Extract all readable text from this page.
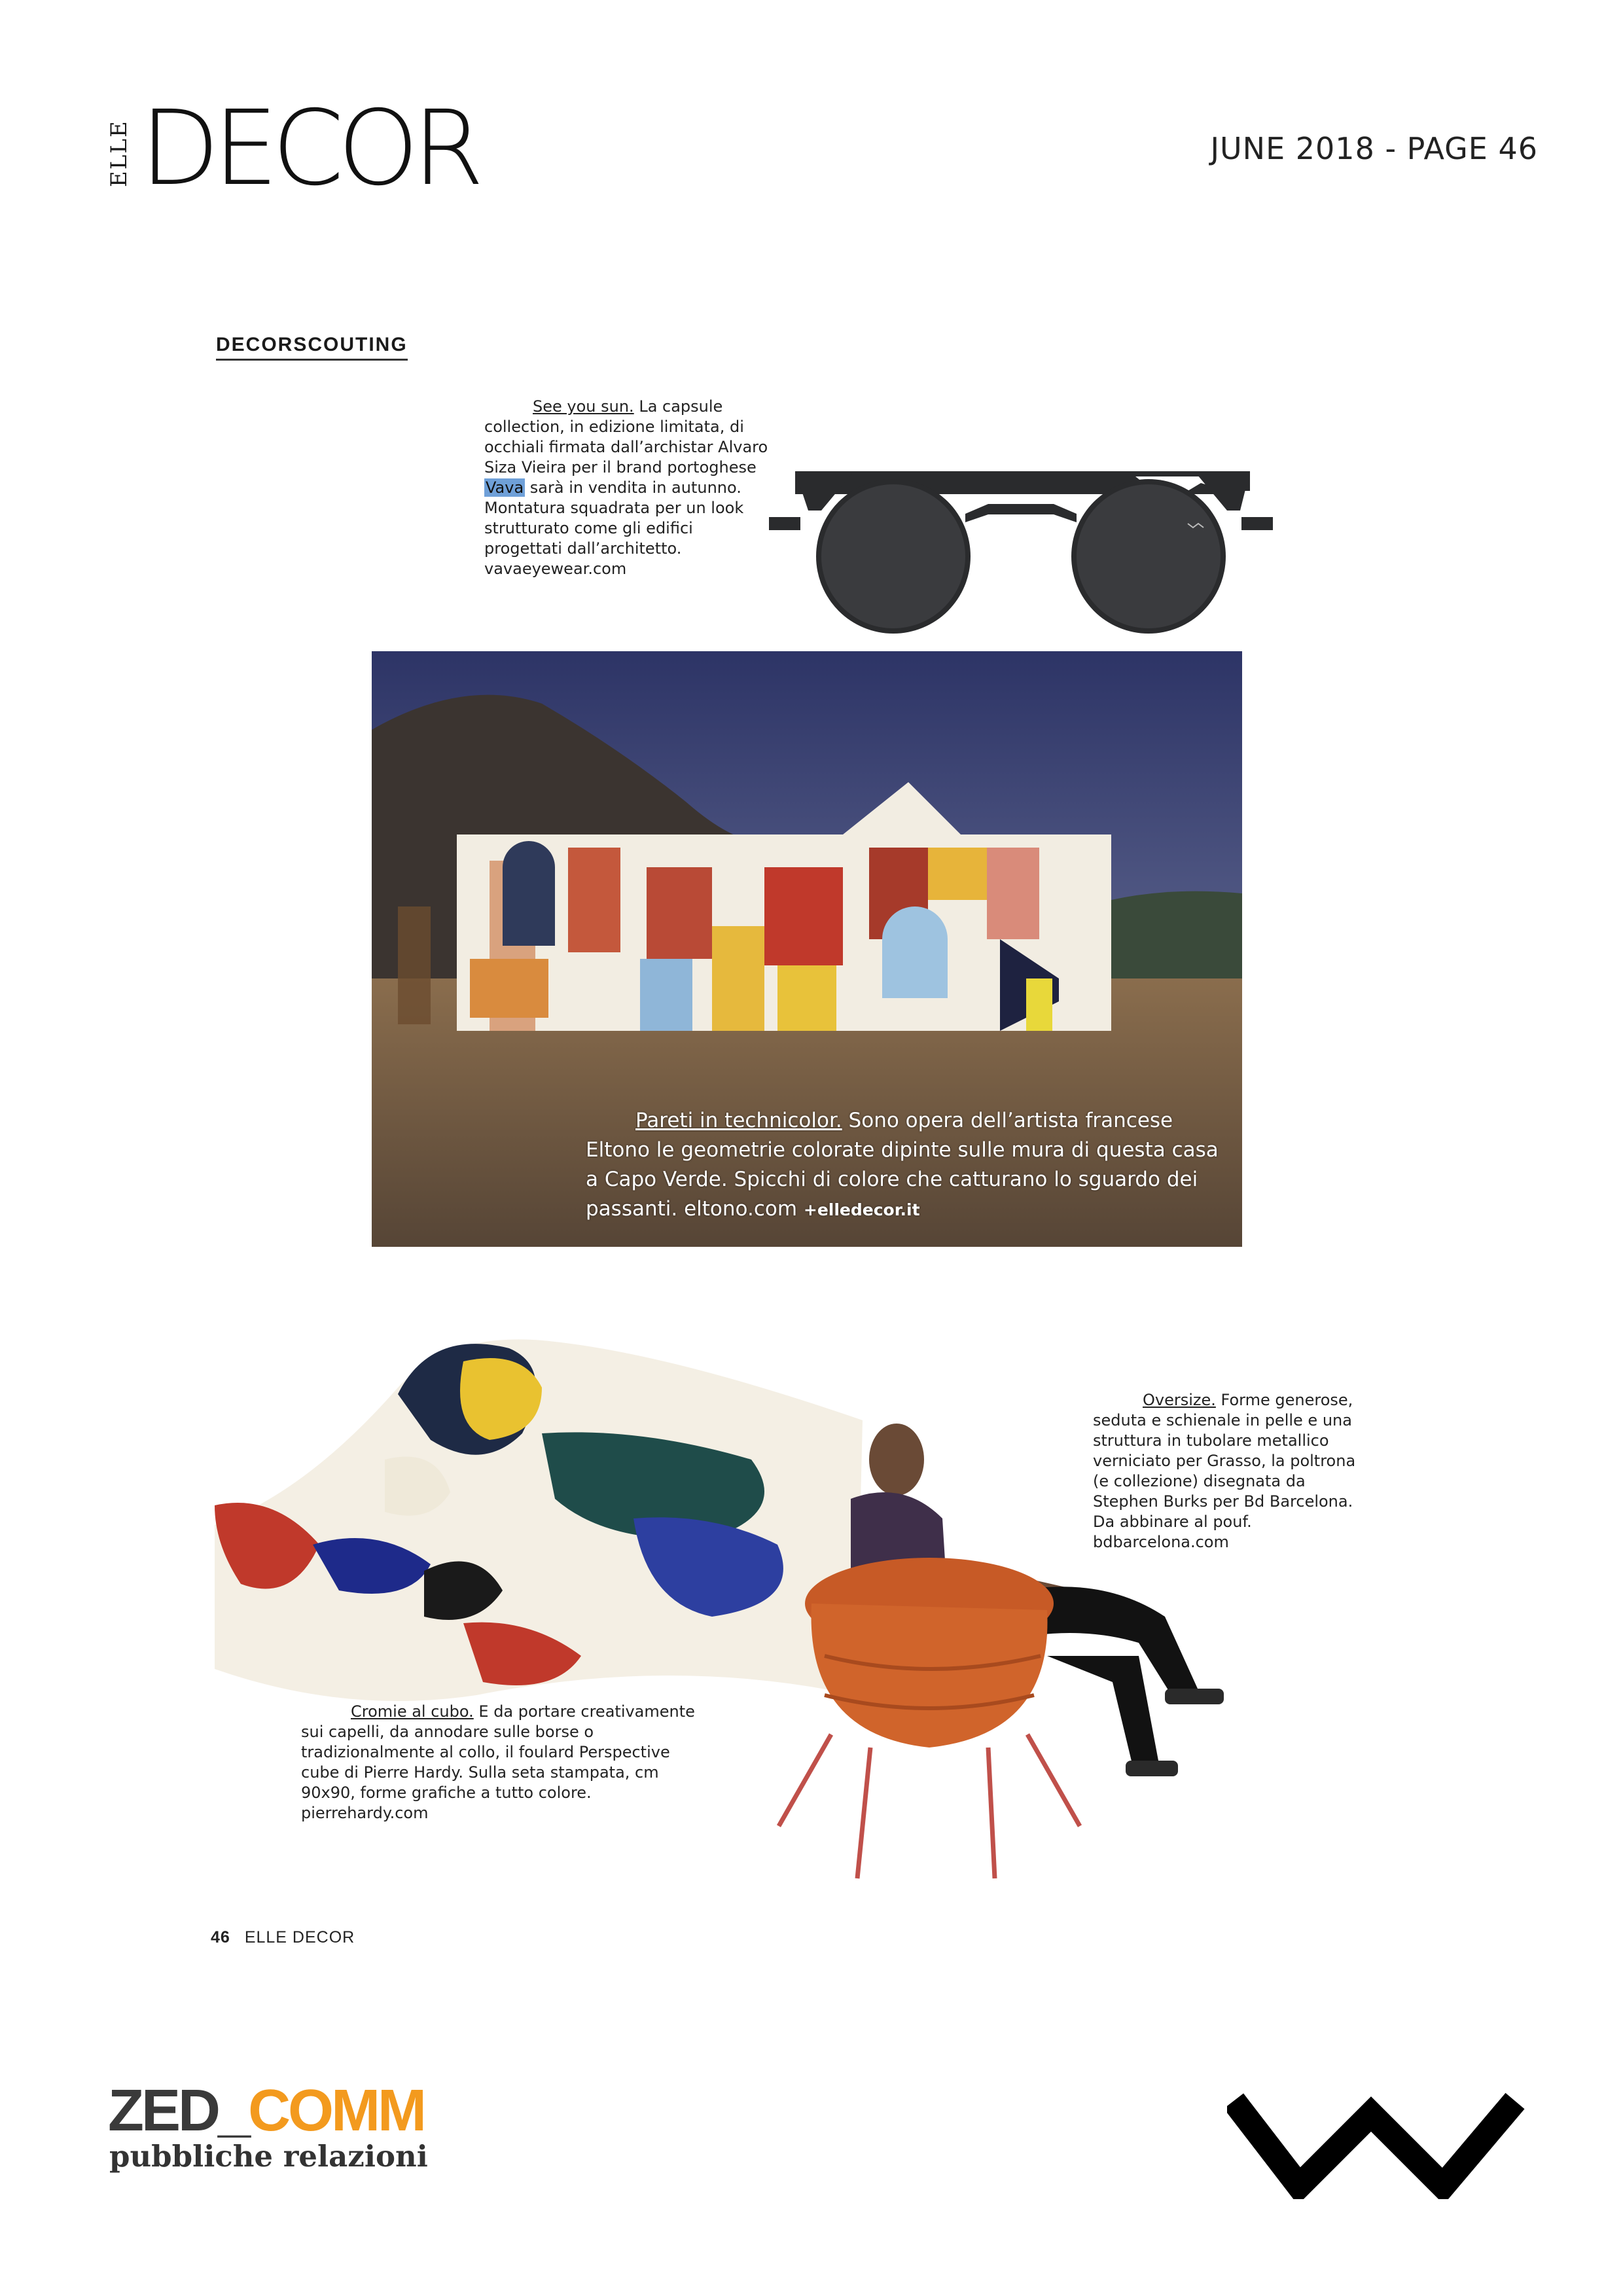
ELLE DECOR	JUNE 2018 - PAGE 46
DECORSCOUTING
See you sun. La capsule collection, in edizione limitata, di occhiali firmata dall’archistar Alvaro Siza Vieira per il brand portoghese Vava sarà in vendita in autunno. Montatura squadrata per un look strutturato come gli edifici progettati dall’architetto. vavaeyewear.com
Pareti in technicolor. Sono opera dell’artista francese Eltono le geometrie colorate dipinte sulle mura di questa casa a Capo Verde. Spicchi di colore che catturano lo sguardo dei passanti. eltono.com +elledecor.it
Cromie al cubo. E da portare creativamente sui capelli, da annodare sulle borse o tradizionalmente al collo, il foulard Perspective cube di Pierre Hardy. Sulla seta stampata, cm 90x90, forme grafiche a tutto colore. pierrehardy.com
Oversize. Forme generose, seduta e schienale in pelle e una struttura in tubolare metallico verniciato per Grasso, la poltrona (e collezione) disegnata da Stephen Burks per Bd Barcelona. Da abbinare al pouf. bdbarcelona.com
46 ELLE DECOR
ZED_COMM
pubbliche relazioni
